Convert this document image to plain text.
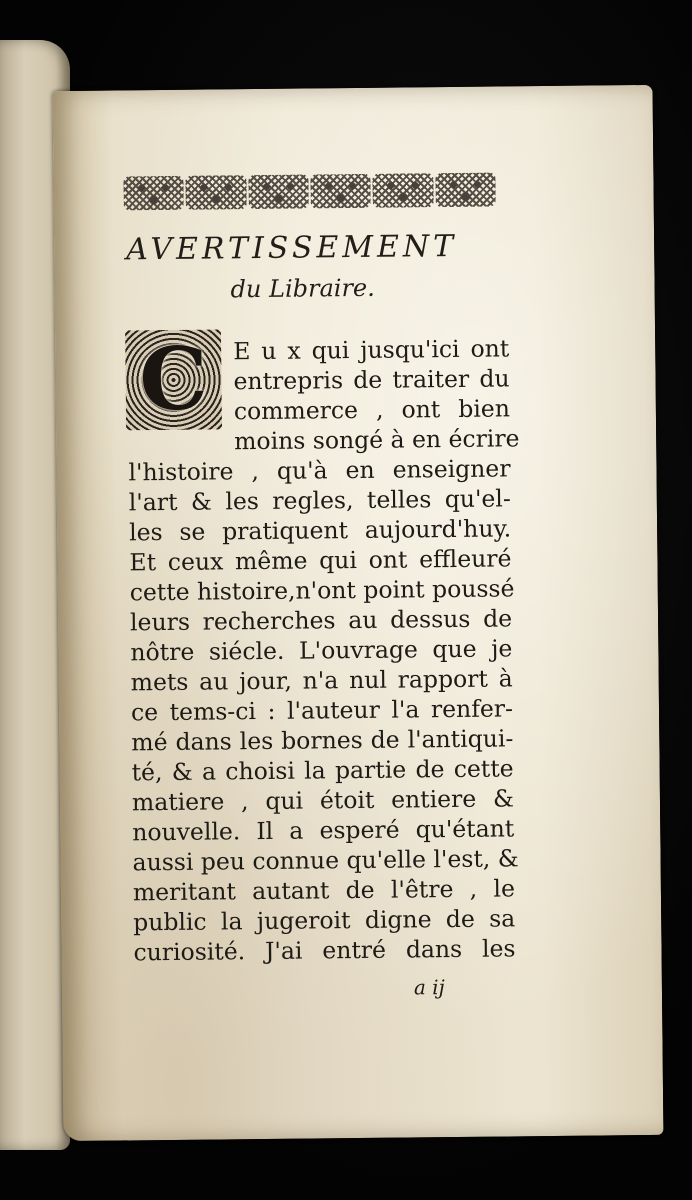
AVERTISSEMENT
du Libraire.
C E u x qui jusqu'ici ont
entrepris de traiter du
commerce , ont bien
moins songé à en écrire
l'histoire , qu'à en enseigner
l'art & les regles, telles qu'el-
les se pratiquent aujourd'huy.
Et ceux même qui ont effleuré
cette histoire,n'ont point poussé
leurs recherches au dessus de
nôtre siécle. L'ouvrage que je
mets au jour, n'a nul rapport à
ce tems-ci : l'auteur l'a renfer-
mé dans les bornes de l'antiqui-
té, & a choisi la partie de cette
matiere , qui étoit entiere &
nouvelle. Il a esperé qu'étant
aussi peu connue qu'elle l'est, &
meritant autant de l'être , le
public la jugeroit digne de sa
curiosité. J'ai entré dans les
a ij
